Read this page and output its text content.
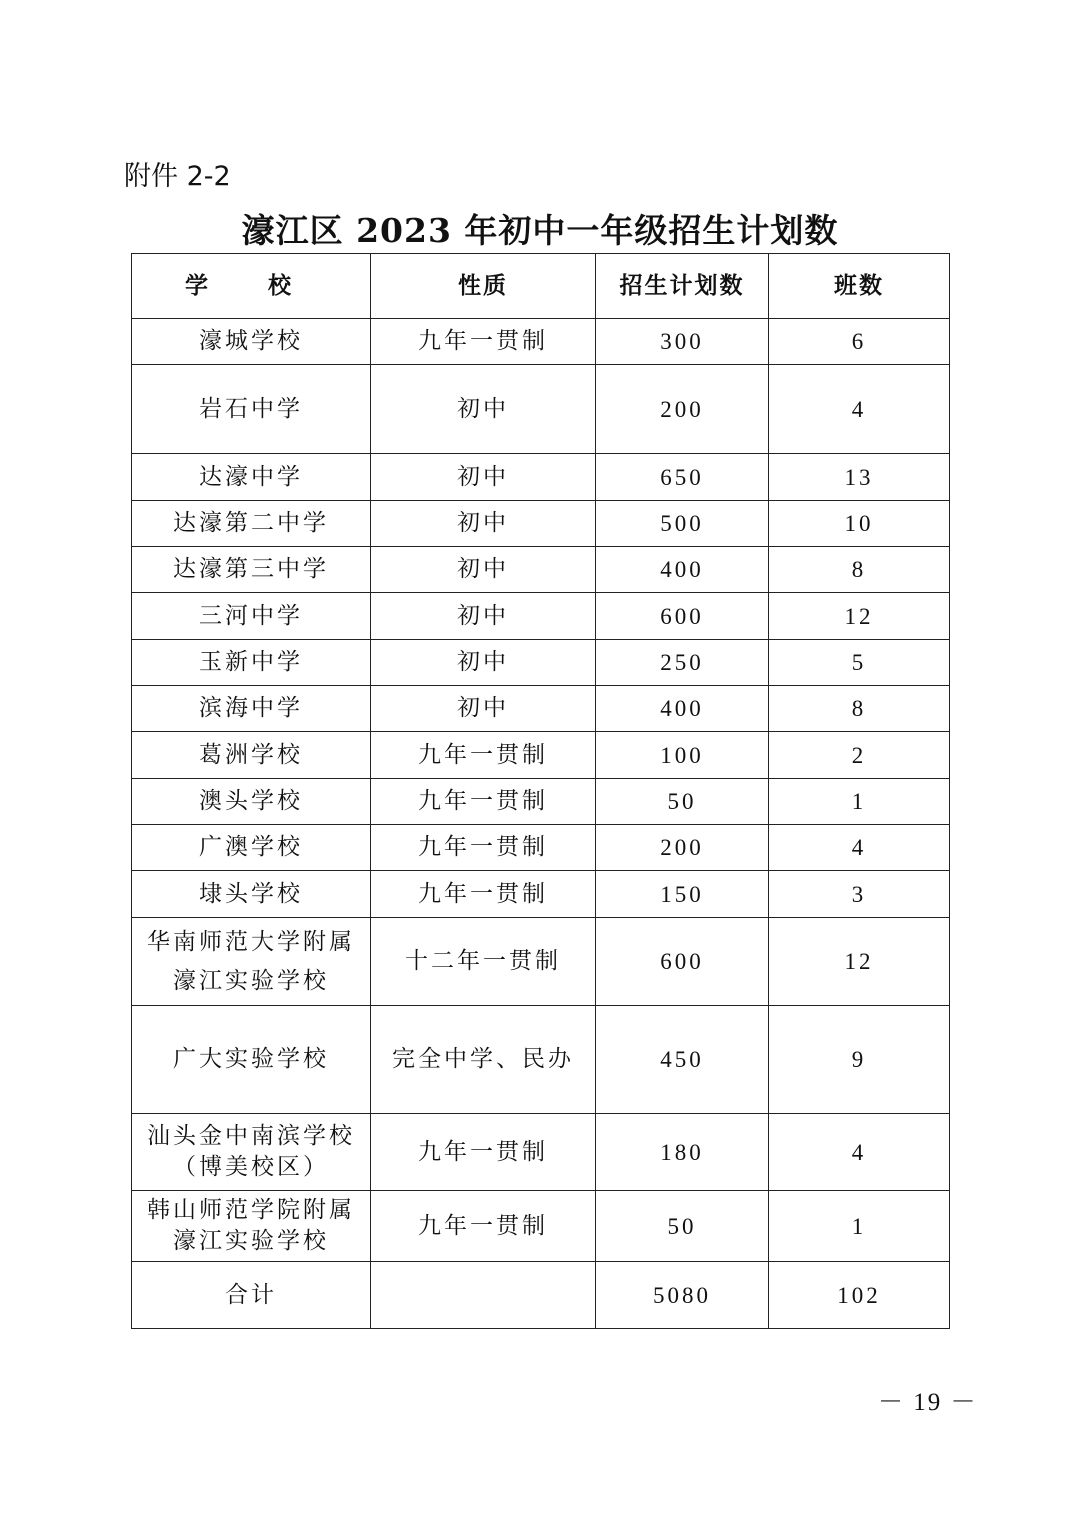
附件 2-2
濠江区 2023 年初中一年级招生计划数
学 校	性质	招生计划数	班数

濠城学校	九年一贯制	300	6

岩石中学	初中	200	4

达濠中学	初中	650	13

达濠第二中学	初中	500	10

达濠第三中学	初中	400	8

三河中学	初中	600	12

玉新中学	初中	250	5

滨海中学	初中	400	8

葛洲学校	九年一贯制	100	2

澳头学校	九年一贯制	50	1

广澳学校	九年一贯制	200	4

埭头学校	九年一贯制	150	3

华南师范大学附属
濠江实验学校	十二年一贯制	600	12

广大实验学校	完全中学、民办	450	9

汕头金中南滨学校
（博美校区）	九年一贯制	180	4

韩山师范学院附属
濠江实验学校	九年一贯制	50	1
合计		5080	102
－ 19 －
